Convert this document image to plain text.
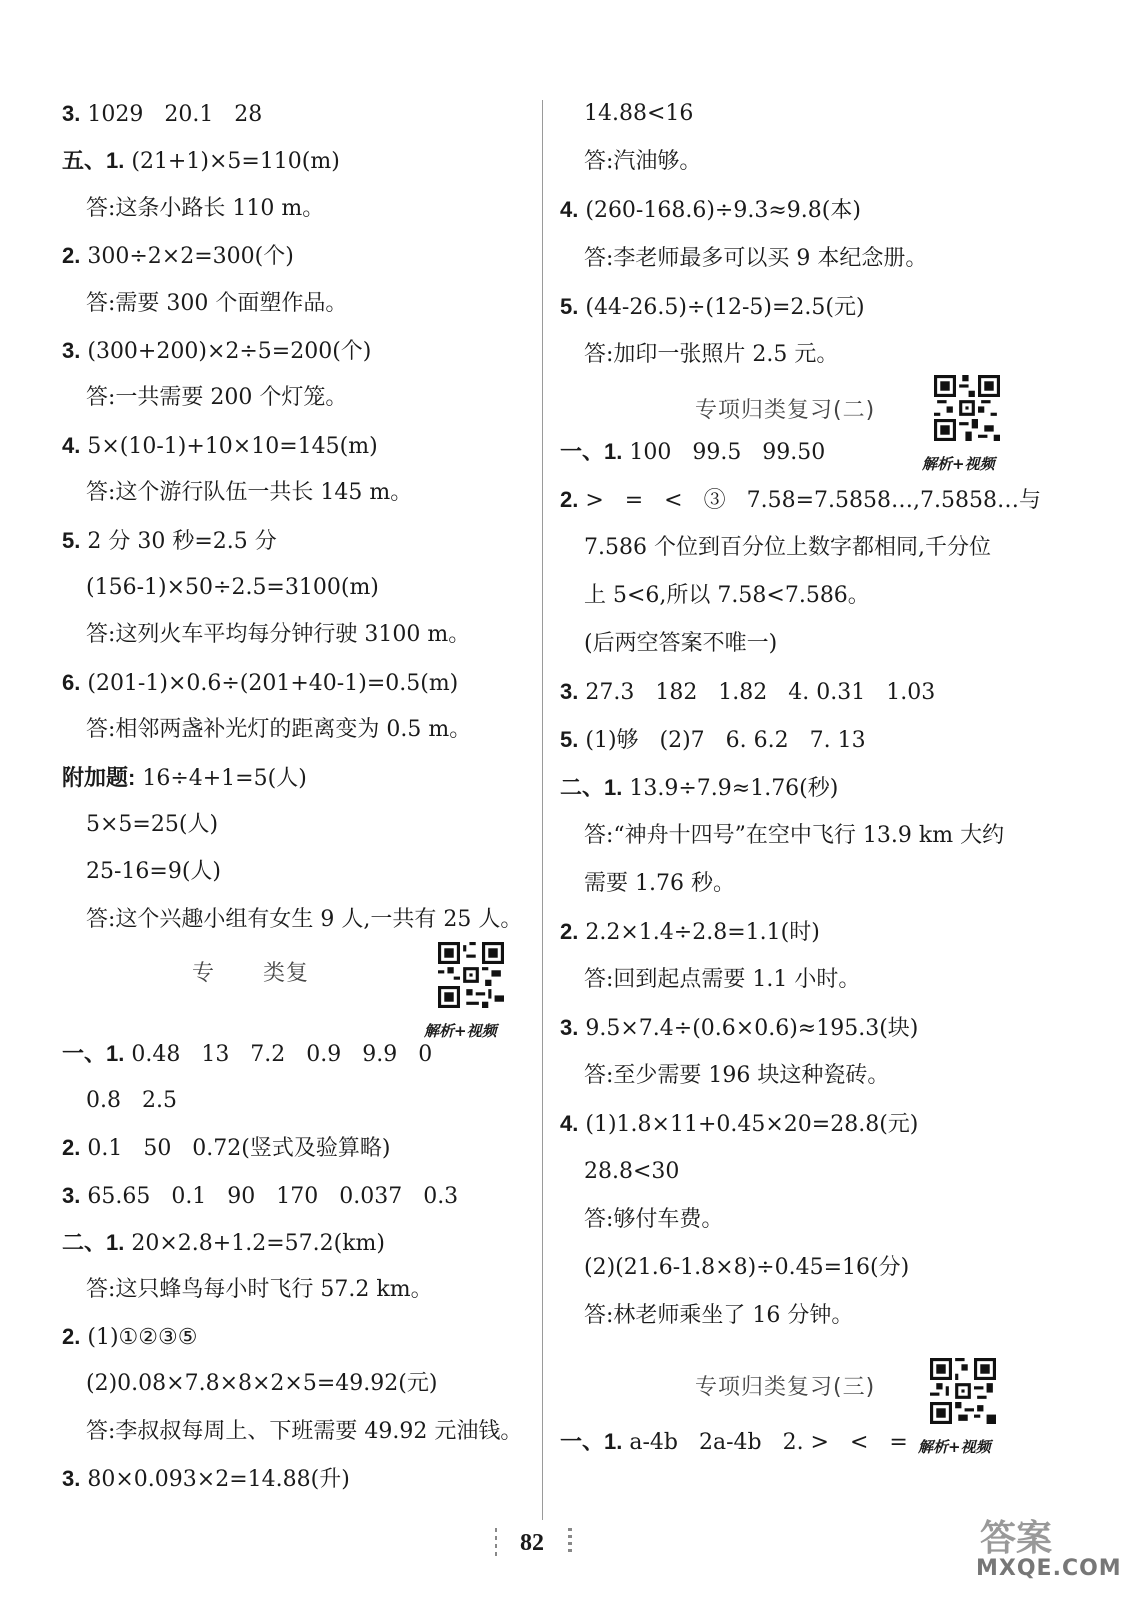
3. 1029   20.1   28
五、1. (21+1)×5=110(m)
答:这条小路长 110 m。
2. 300÷2×2=300(个)
答:需要 300 个面塑作品。
3. (300+200)×2÷5=200(个)
答:一共需要 200 个灯笼。
4. 5×(10-1)+10×10=145(m)
答:这个游行队伍一共长 145 m。
5. 2 分 30 秒=2.5 分
(156-1)×50÷2.5=3100(m)
答:这列火车平均每分钟行驶 3100 m。
6. (201-1)×0.6÷(201+40-1)=0.5(m)
答:相邻两盏补光灯的距离变为 0.5 m。
附加题: 16÷4+1=5(人)
5×5=25(人)
25-16=9(人)
答:这个兴趣小组有女生 9 人,一共有 25 人。
一、1. 0.48   13   7.2   0.9   9.9   0
0.8   2.5
2. 0.1   50   0.72(竖式及验算略)
3. 65.65   0.1   90   170   0.037   0.3
二、1. 20×2.8+1.2=57.2(km)
答:这只蜂鸟每小时飞行 57.2 km。
2. (1)①②③⑤
(2)0.08×7.8×8×2×5=49.92(元)
答:李叔叔每周上、下班需要 49.92 元油钱。
3. 80×0.093×2=14.88(升)
14.88<16
答:汽油够。
4. (260-168.6)÷9.3≈9.8(本)
答:李老师最多可以买 9 本纪念册。
5. (44-26.5)÷(12-5)=2.5(元)
答:加印一张照片 2.5 元。
一、1. 100   99.5   99.50
2. >   =   <   ③   7.58=7.5858…,7.5858…与
7.586 个位到百分位上数字都相同,千分位
上 5<6,所以 7.58<7.586。
(后两空答案不唯一)
3. 27.3   182   1.82   4. 0.31   1.03
5. (1)够   (2)7   6. 6.2   7. 13
二、1. 13.9÷7.9≈1.76(秒)
答:“神舟十四号”在空中飞行 13.9 km 大约
需要 1.76 秒。
2. 2.2×1.4÷2.8=1.1(时)
答:回到起点需要 1.1 小时。
3. 9.5×7.4÷(0.6×0.6)≈195.3(块)
答:至少需要 196 块这种瓷砖。
4. (1)1.8×11+0.45×20=28.8(元)
28.8<30
答:够付车费。
(2)(21.6-1.8×8)÷0.45=16(分)
答:林老师乘坐了 16 分钟。
一、1. a-4b   2a-4b   2. >   <   =
专      类复
专项归类复习(二)
专项归类复习(三)
解析+视频
解析+视频
解析+视频
82	答案
MXQE.COM
